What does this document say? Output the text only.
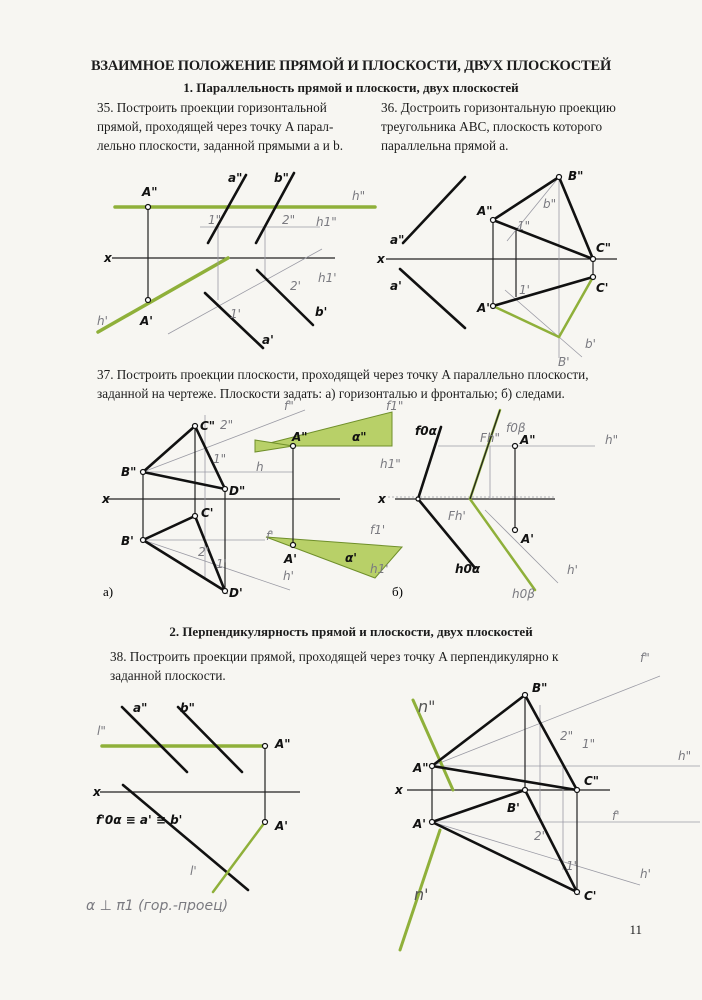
ВЗАИМНОЕ ПОЛОЖЕНИЕ ПРЯМОЙ И ПЛОСКОСТИ, ДВУХ ПЛОСКОСТЕЙ
1. Параллельность прямой и плоскости, двух плоскостей
35. Построить проекции горизонтальной
прямой, проходящей через точку A парал-
лельно плоскости, заданной прямыми a и b.
36. Достроить горизонтальную проекцию
треугольника ABC, плоскость которого
параллельна прямой a.
37. Построить проекции плоскости, проходящей через точку A параллельно плоскости,
заданной на чертеже. Плоскости задать: а) горизонталью и фронталью; б) следами.
2. Перпендикулярность прямой и плоскости, двух плоскостей
38. Построить проекции прямой, проходящей через точку A перпендикулярно к
заданной плоскости.
11
x
a"	b"
h"
A"
1"	2" h1"
2'
h1'
h'	A'	1'	b'
a'
x
a"
a'
A"
B"
C"
C'
A'
1"
1'
b"
b'
B'
x
B"
C"
D"
B'
C'
D'
A"
A'
2"
1"
2'
1'
f"	f1"
h	h1"
α"
f'	f1'
α'
h'	h1'
а)
x
f0α
h0α
Fh"
Fh'
f0β
h0β
A"
A'
h"
h'
б)
x
a"	b"
l"
A"
A'
f'0α ≡ a' ≡ b'
l'
α ⊥ π1 (гор.-проец)
x
n"
n'
A"
B"
C"
A'
B'
C'
f"
h"
f'
h'
2"
1"
2'
1'
